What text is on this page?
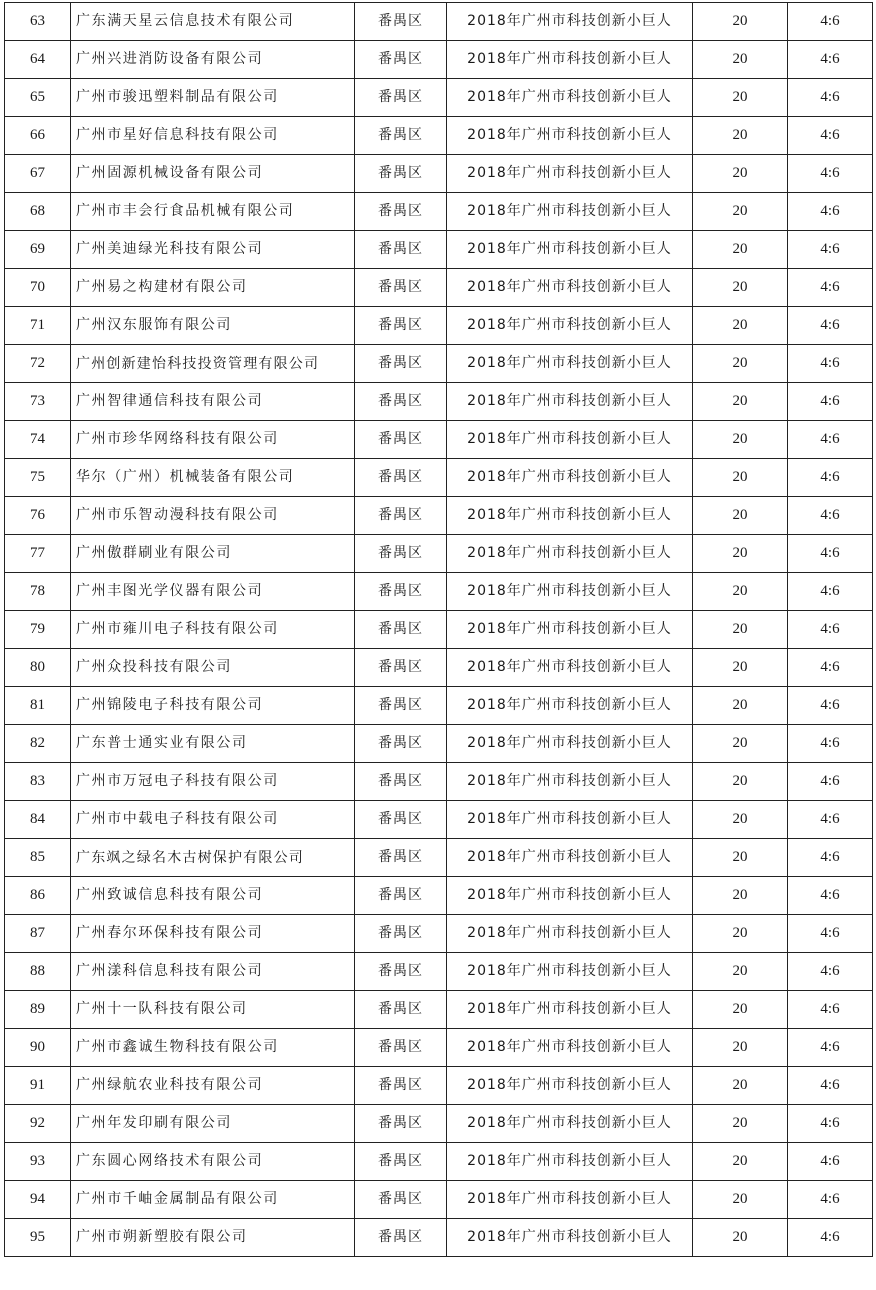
63	广东满天星云信息技术有限公司	番禺区	2018年广州市科技创新小巨人	20	4:6
64	广州兴进消防设备有限公司	番禺区	2018年广州市科技创新小巨人	20	4:6
65	广州市骏迅塑料制品有限公司	番禺区	2018年广州市科技创新小巨人	20	4:6
66	广州市星好信息科技有限公司	番禺区	2018年广州市科技创新小巨人	20	4:6
67	广州固源机械设备有限公司	番禺区	2018年广州市科技创新小巨人	20	4:6
68	广州市丰会行食品机械有限公司	番禺区	2018年广州市科技创新小巨人	20	4:6
69	广州美迪绿光科技有限公司	番禺区	2018年广州市科技创新小巨人	20	4:6
70	广州易之构建材有限公司	番禺区	2018年广州市科技创新小巨人	20	4:6
71	广州汉东服饰有限公司	番禺区	2018年广州市科技创新小巨人	20	4:6
72	广州创新建怡科技投资管理有限公司	番禺区	2018年广州市科技创新小巨人	20	4:6
73	广州智律通信科技有限公司	番禺区	2018年广州市科技创新小巨人	20	4:6
74	广州市珍华网络科技有限公司	番禺区	2018年广州市科技创新小巨人	20	4:6
75	华尔（广州）机械装备有限公司	番禺区	2018年广州市科技创新小巨人	20	4:6
76	广州市乐智动漫科技有限公司	番禺区	2018年广州市科技创新小巨人	20	4:6
77	广州傲群刷业有限公司	番禺区	2018年广州市科技创新小巨人	20	4:6
78	广州丰图光学仪器有限公司	番禺区	2018年广州市科技创新小巨人	20	4:6
79	广州市雍川电子科技有限公司	番禺区	2018年广州市科技创新小巨人	20	4:6
80	广州众投科技有限公司	番禺区	2018年广州市科技创新小巨人	20	4:6
81	广州锦陵电子科技有限公司	番禺区	2018年广州市科技创新小巨人	20	4:6
82	广东普士通实业有限公司	番禺区	2018年广州市科技创新小巨人	20	4:6
83	广州市万冠电子科技有限公司	番禺区	2018年广州市科技创新小巨人	20	4:6
84	广州市中载电子科技有限公司	番禺区	2018年广州市科技创新小巨人	20	4:6
85	广东飒之绿名木古树保护有限公司	番禺区	2018年广州市科技创新小巨人	20	4:6
86	广州致诚信息科技有限公司	番禺区	2018年广州市科技创新小巨人	20	4:6
87	广州春尔环保科技有限公司	番禺区	2018年广州市科技创新小巨人	20	4:6
88	广州漾科信息科技有限公司	番禺区	2018年广州市科技创新小巨人	20	4:6
89	广州十一队科技有限公司	番禺区	2018年广州市科技创新小巨人	20	4:6
90	广州市鑫诚生物科技有限公司	番禺区	2018年广州市科技创新小巨人	20	4:6
91	广州绿航农业科技有限公司	番禺区	2018年广州市科技创新小巨人	20	4:6
92	广州年发印刷有限公司	番禺区	2018年广州市科技创新小巨人	20	4:6
93	广东圆心网络技术有限公司	番禺区	2018年广州市科技创新小巨人	20	4:6
94	广州市千岫金属制品有限公司	番禺区	2018年广州市科技创新小巨人	20	4:6
95	广州市朔新塑胶有限公司	番禺区	2018年广州市科技创新小巨人	20	4:6
